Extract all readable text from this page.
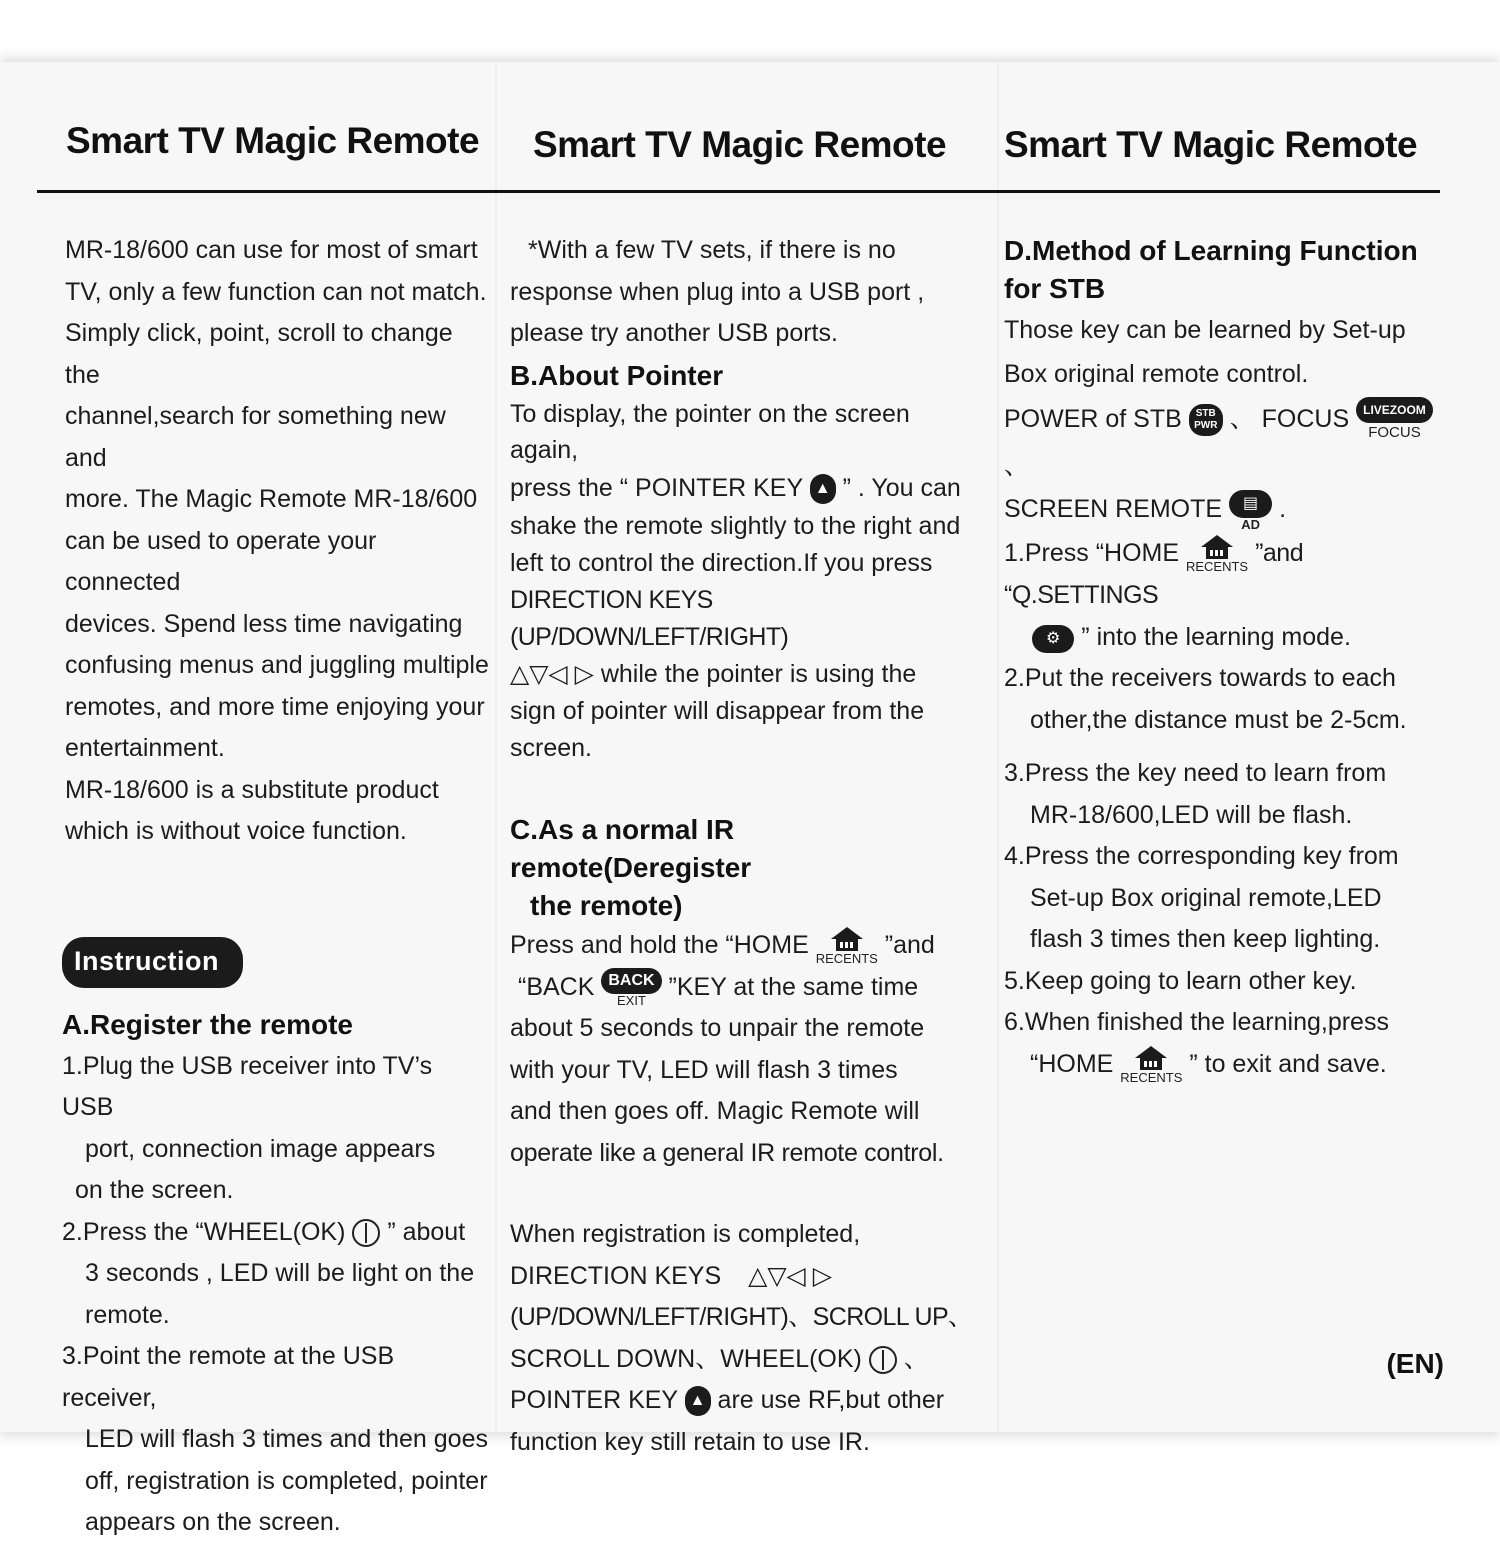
Smart TV Magic Remote Smart TV Magic Remote Smart TV Magic Remote

MR-18/600 can use for most of smart

TV, only a few function can not match.

Simply click, point, scroll to change the

channel,search for something new and

more. The Magic Remote MR-18/600

can be used to operate your connected

devices. Spend less time navigating

confusing menus and juggling multiple

remotes, and more time enjoying your

entertainment.

MR-18/600 is a substitute product

which is without voice function.

Instruction

A.Register the remote

1.Plug the USB receiver into TV’s USB

port, connection image appears

on the screen.

2.Press the “WHEEL(OK) ” about

3 seconds , LED will be light on the

remote.

3.Point the remote at the USB receiver,

LED will flash 3 times and then goes

off, registration is completed, pointer

appears on the screen.

*With a few TV sets, if there is no

response when plug into a USB port ,

please try another USB ports.

B.About Pointer

To display, the pointer on the screen again,

press the “ POINTER KEY ▲ ” . You can

shake the remote slightly to the right and

left to control the direction.If you press

DIRECTION KEYS (UP/DOWN/LEFT/RIGHT)

△▽◁ ▷ while the pointer is using the

sign of pointer will disappear from the

screen.

C.As a normal IR remote(Deregister

the remote)

Press and hold the “HOME RECENTS ”and

“BACK BACK
EXIT ”KEY at the same time

about 5 seconds to unpair the remote

with your TV, LED will flash 3 times

and then goes off. Magic Remote will

operate like a general IR remote control.

When registration is completed,

DIRECTION KEYS △▽◁ ▷

(UP/DOWN/LEFT/RIGHT)、SCROLL UP、

SCROLL DOWN、WHEEL(OK) 、

POINTER KEY ▲ are use RF,but other

function key still retain to use IR.

D.Method of Learning Function

for STB

Those key can be learned by Set-up

Box original remote control.

POWER of STB STB PWR 、 FOCUS LIVEZOOM
FOCUS
、

SCREEN REMOTE ▤
AD
.

1.Press “HOME RECENTS ”and “Q.SETTINGS

⚙ ” into the learning mode.

2.Put the receivers towards to each

other,the distance must be 2-5cm.

3.Press the key need to learn from

MR-18/600,LED will be flash.

4.Press the corresponding key from

Set-up Box original remote,LED

flash 3 times then keep lighting.

5.Keep going to learn other key.

6.When finished the learning,press

“HOME RECENTS ” to exit and save.

(EN)
